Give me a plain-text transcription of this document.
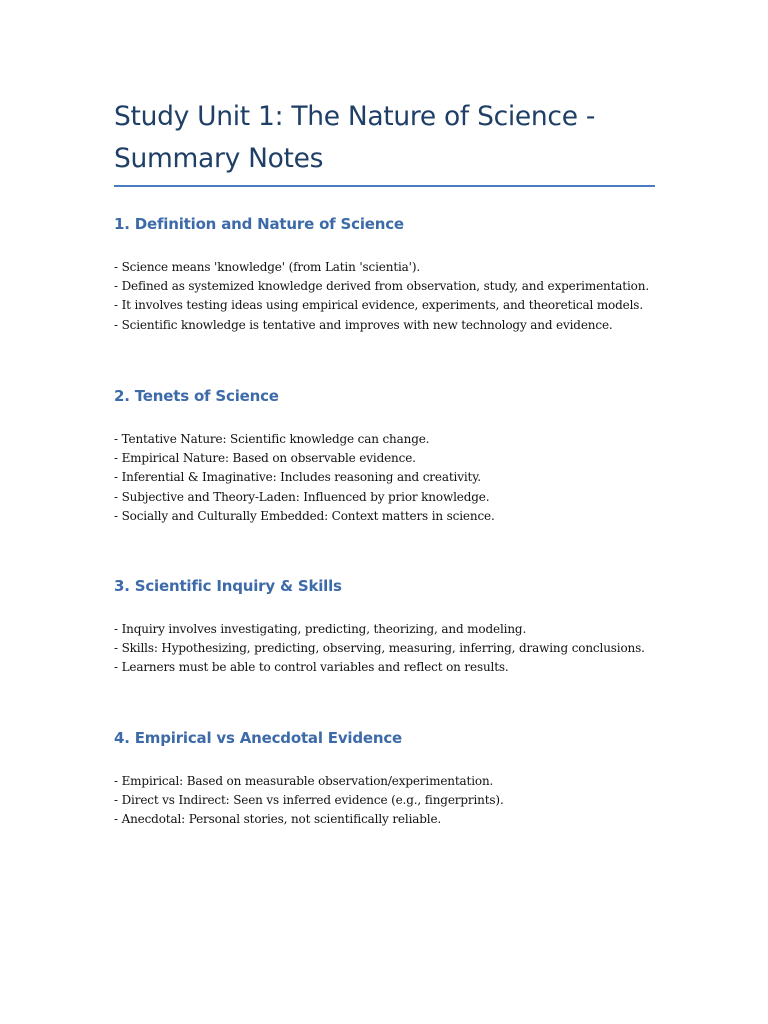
Study Unit 1: The Nature of Science -
Summary Notes
1. Definition and Nature of Science
- Science means 'knowledge' (from Latin 'scientia').
- Defined as systemized knowledge derived from observation, study, and experimentation.
- It involves testing ideas using empirical evidence, experiments, and theoretical models.
- Scientific knowledge is tentative and improves with new technology and evidence.
2. Tenets of Science
- Tentative Nature: Scientific knowledge can change.
- Empirical Nature: Based on observable evidence.
- Inferential & Imaginative: Includes reasoning and creativity.
- Subjective and Theory-Laden: Influenced by prior knowledge.
- Socially and Culturally Embedded: Context matters in science.
3. Scientific Inquiry & Skills
- Inquiry involves investigating, predicting, theorizing, and modeling.
- Skills: Hypothesizing, predicting, observing, measuring, inferring, drawing conclusions.
- Learners must be able to control variables and reflect on results.
4. Empirical vs Anecdotal Evidence
- Empirical: Based on measurable observation/experimentation.
- Direct vs Indirect: Seen vs inferred evidence (e.g., fingerprints).
- Anecdotal: Personal stories, not scientifically reliable.
